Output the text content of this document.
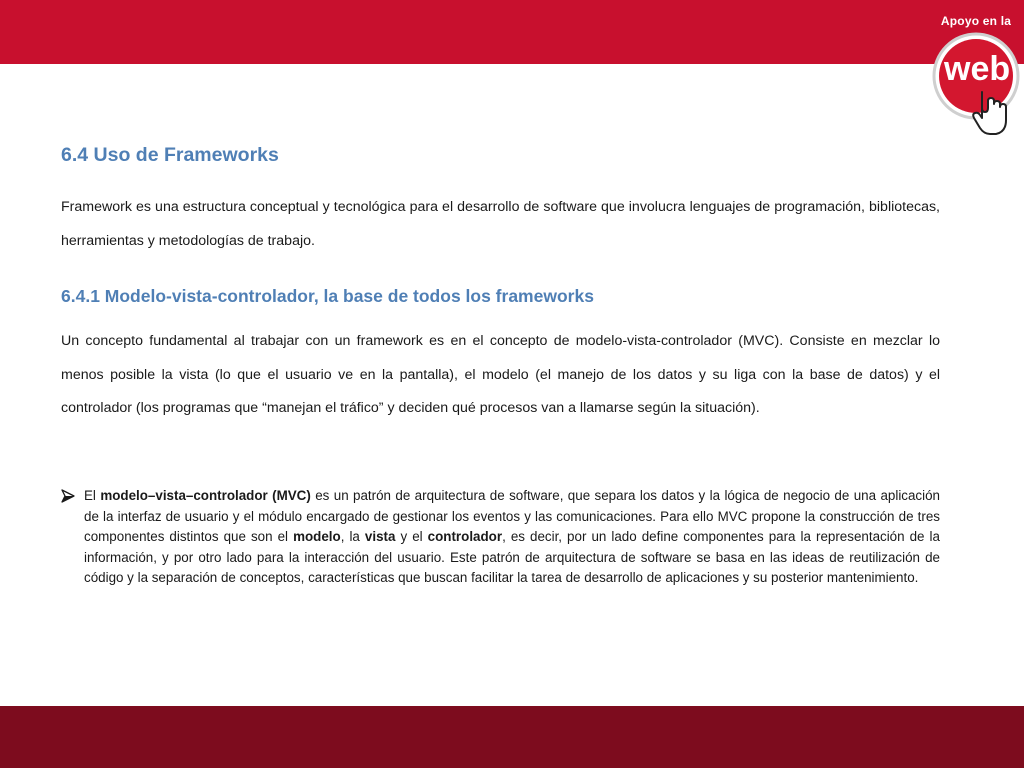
Apoyo en la
web
6.4 Uso de Frameworks

Framework es una estructura conceptual y tecnológica para el desarrollo de software que involucra lenguajes de programación, bibliotecas, herramientas y metodologías de trabajo.

6.4.1 Modelo-vista-controlador, la base de todos los frameworks

Un concepto fundamental al trabajar con un framework es en el concepto de modelo-vista-controlador (MVC). Consiste en mezclar lo menos posible la vista (lo que el usuario ve en la pantalla), el modelo (el manejo de los datos y su liga con la base de datos) y el controlador (los programas que “manejan el tráfico” y deciden qué procesos van a llamarse según la situación).

El modelo–vista–controlador (MVC) es un patrón de arquitectura de software, que separa los datos y la lógica de negocio de una aplicación de la interfaz de usuario y el módulo encargado de gestionar los eventos y las comunicaciones. Para ello MVC propone la construcción de tres componentes distintos que son el modelo, la vista y el controlador, es decir, por un lado define componentes para la representación de la información, y por otro lado para la interacción del usuario. Este patrón de arquitectura de software se basa en las ideas de reutilización de código y la separación de conceptos, características que buscan facilitar la tarea de desarrollo de aplicaciones y su posterior mantenimiento.
